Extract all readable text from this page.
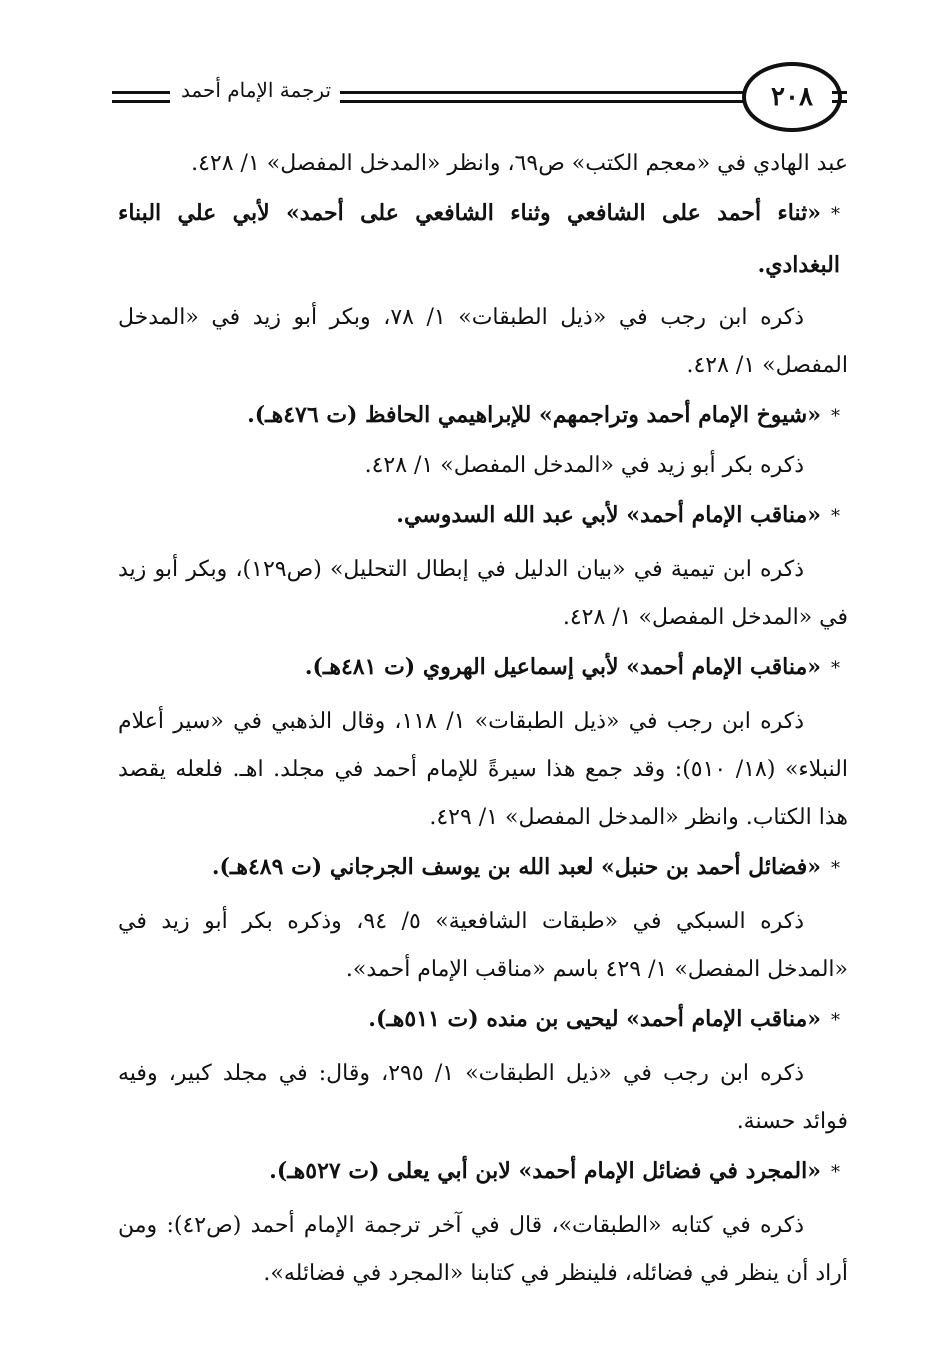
ترجمة الإمام أحمد	٢٠٨

عبد الهادي في «معجم الكتب» ص٦٩، وانظر «المدخل المفصل» ١/ ٤٢٨.

*«ثناء أحمد على الشافعي وثناء الشافعي على أحمد» لأبي علي البناء البغدادي.

ذكره ابن رجب في «ذيل الطبقات» ١/ ٧٨، وبكر أبو زيد في «المدخل المفصل» ١/ ٤٢٨.

*«شيوخ الإمام أحمد وتراجمهم» للإبراهيمي الحافظ (ت ٤٧٦هـ).

ذكره بكر أبو زيد في «المدخل المفصل» ١/ ٤٢٨.

*«مناقب الإمام أحمد» لأبي عبد الله السدوسي.

ذكره ابن تيمية في «بيان الدليل في إبطال التحليل» (ص١٢٩)، وبكر أبو زيد في «المدخل المفصل» ١/ ٤٢٨.

*«مناقب الإمام أحمد» لأبي إسماعيل الهروي (ت ٤٨١هـ).

ذكره ابن رجب في «ذيل الطبقات» ١/ ١١٨، وقال الذهبي في «سير أعلام النبلاء» (١٨/ ٥١٠): وقد جمع هذا سيرةً للإمام أحمد في مجلد. اهـ. فلعله يقصد هذا الكتاب. وانظر «المدخل المفصل» ١/ ٤٢٩.

*«فضائل أحمد بن حنبل» لعبد الله بن يوسف الجرجاني (ت ٤٨٩هـ).

ذكره السبكي في «طبقات الشافعية» ٥/ ٩٤، وذكره بكر أبو زيد في «المدخل المفصل» ١/ ٤٢٩ باسم «مناقب الإمام أحمد».

*«مناقب الإمام أحمد» ليحيى بن منده (ت ٥١١هـ).

ذكره ابن رجب في «ذيل الطبقات» ١/ ٢٩٥، وقال: في مجلد كبير، وفيه فوائد حسنة.

*«المجرد في فضائل الإمام أحمد» لابن أبي يعلى (ت ٥٢٧هـ).

ذكره في كتابه «الطبقات»، قال في آخر ترجمة الإمام أحمد (ص٤٢): ومن أراد أن ينظر في فضائله، فلينظر في كتابنا «المجرد في فضائله».
